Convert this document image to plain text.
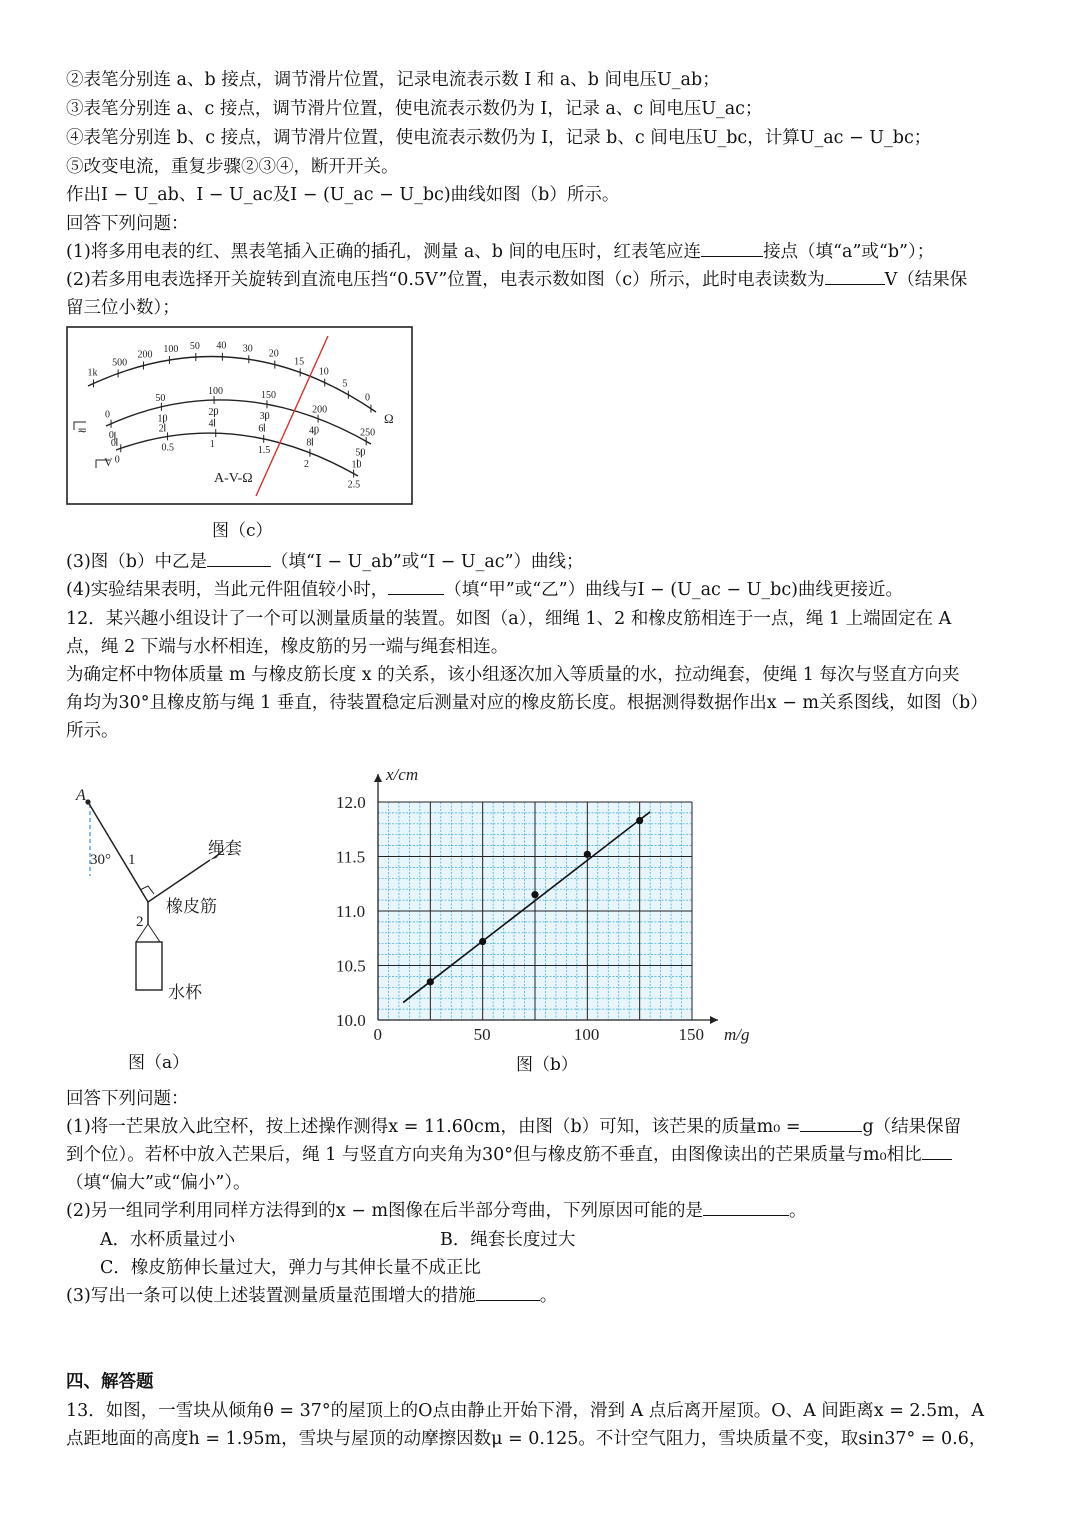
②表笔分别连 a、b 接点，调节滑片位置，记录电流表示数 I 和 a、b 间电压U_ab；
③表笔分别连 a、c 接点，调节滑片位置，使电流表示数仍为 I，记录 a、c 间电压U_ac；
④表笔分别连 b、c 接点，调节滑片位置，使电流表示数仍为 I，记录 b、c 间电压U_bc，计算U_ac − U_bc；
⑤改变电流，重复步骤②③④，断开开关。
作出I − U_ab、I − U_ac及I − (U_ac − U_bc)曲线如图（b）所示。
回答下列问题：
(1)将多用电表的红、黑表笔插入正确的插孔，测量 a、b 间的电压时，红表笔应连	接点（填“a”或“b”）；
(2)若多用电表选择开关旋转到直流电压挡“0.5V”位置，电表示数如图（c）所示，此时电表读数为	V（结果保
留三位小数）；
Ω
≂
V
A-V-Ω
1k
500
200
100 50 40 30 20
15
10
5
0
0
50
100	150
200
250
0
10
20	30
40
50
0
2	4	6
8
10
0
0.5	1
1.5
2
2.5
图（c）
(3)图（b）中乙是	（填“I − U_ab”或“I − U_ac”）曲线；
(4)实验结果表明，当此元件阻值较小时，	（填“甲”或“乙”）曲线与I − (U_ac − U_bc)曲线更接近。
12．某兴趣小组设计了一个可以测量质量的装置。如图（a），细绳 1、2 和橡皮筋相连于一点，绳 1 上端固定在 A
点，绳 2 下端与水杯相连，橡皮筋的另一端与绳套相连。
为确定杯中物体质量 m 与橡皮筋长度 x 的关系，该小组逐次加入等质量的水，拉动绳套，使绳 1 每次与竖直方向夹
角均为30°且橡皮筋与绳 1 垂直，待装置稳定后测量对应的橡皮筋长度。根据测得数据作出x − m关系图线，如图（b）
所示。
A
30° 1
2
绳套
橡皮筋
水杯
图（a）
0	50	100	150
10.0
10.5
11.0
11.5
12.0
m/g
x/cm
图（b）
回答下列问题：
(1)将一芒果放入此空杯，按上述操作测得x = 11.60cm，由图（b）可知，该芒果的质量m₀ =	g（结果保留
到个位）。若杯中放入芒果后，绳 1 与竖直方向夹角为30°但与橡皮筋不垂直，由图像读出的芒果质量与m₀相比
（填“偏大”或“偏小”）。
(2)另一组同学利用同样方法得到的x − m图像在后半部分弯曲，下列原因可能的是	。
A．水杯质量过小	B．绳套长度过大
C．橡皮筋伸长量过大，弹力与其伸长量不成正比
(3)写出一条可以使上述装置测量质量范围增大的措施	。
四、解答题
13．如图，一雪块从倾角θ = 37°的屋顶上的O点由静止开始下滑，滑到 A 点后离开屋顶。O、A 间距离x = 2.5m，A
点距地面的高度h = 1.95m，雪块与屋顶的动摩擦因数μ = 0.125。不计空气阻力，雪块质量不变，取sin37° = 0.6，
